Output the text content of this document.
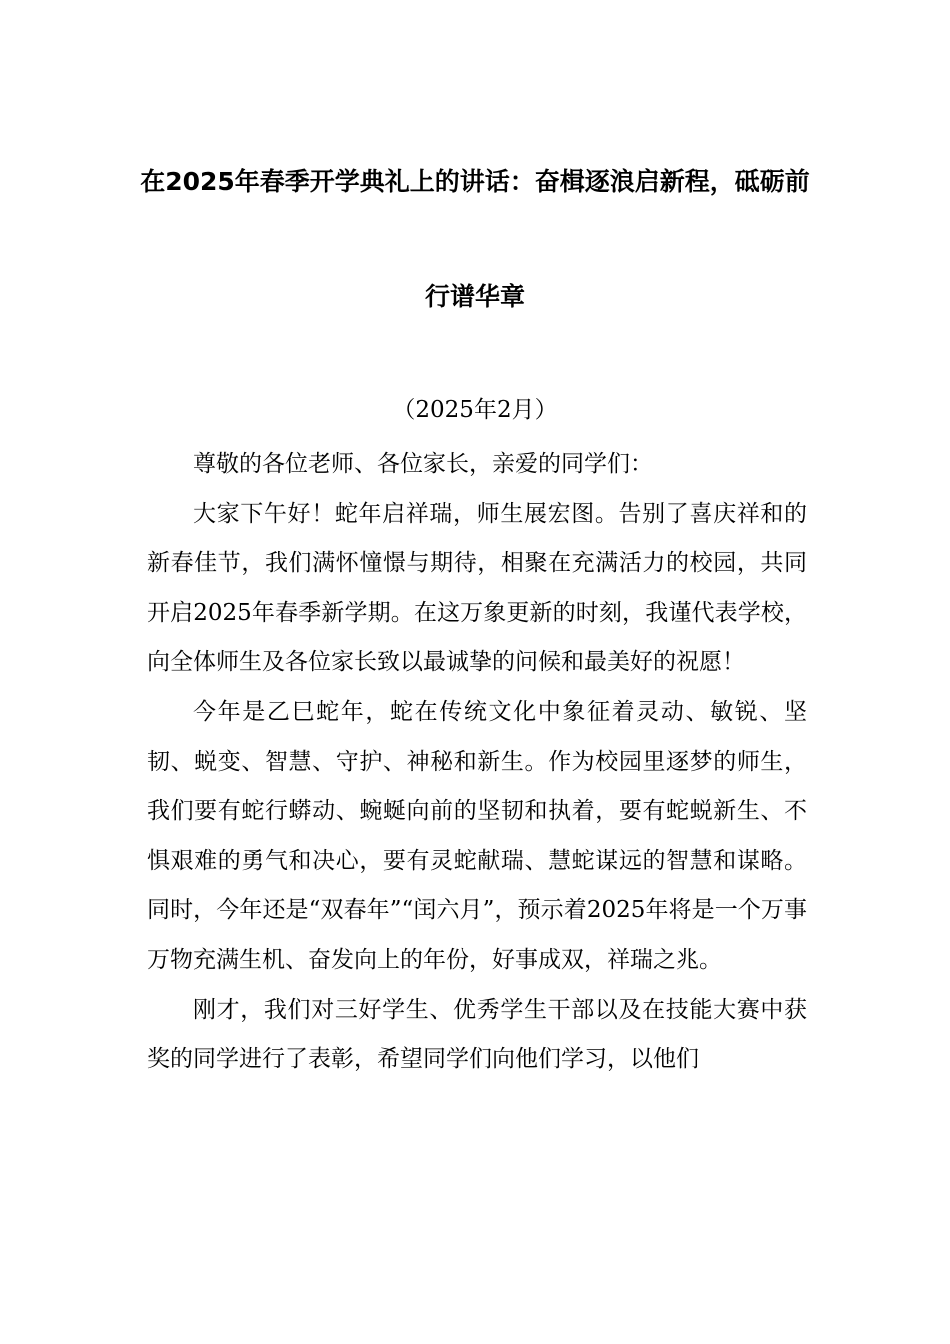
在2025年春季开学典礼上的讲话：奋楫逐浪启新程，砥砺前
行谱华章
（2025年2月）

尊敬的各位老师、各位家长，亲爱的同学们：

大家下午好！蛇年启祥瑞，师生展宏图。告别了喜庆祥和的新春佳节，我们满怀憧憬与期待，相聚在充满活力的校园，共同开启2025年春季新学期。在这万象更新的时刻，我谨代表学校，向全体师生及各位家长致以最诚挚的问候和最美好的祝愿！

今年是乙巳蛇年，蛇在传统文化中象征着灵动、敏锐、坚韧、蜕变、智慧、守护、神秘和新生。作为校园里逐梦的师生，我们要有蛇行蟒动、蜿蜒向前的坚韧和执着，要有蛇蜕新生、不惧艰难的勇气和决心，要有灵蛇献瑞、慧蛇谋远的智慧和谋略。同时，今年还是“双春年”“闰六月”，预示着2025年将是一个万事万物充满生机、奋发向上的年份，好事成双，祥瑞之兆。

刚才，我们对三好学生、优秀学生干部以及在技能大赛中获奖的同学进行了表彰，希望同学们向他们学习，以他们
